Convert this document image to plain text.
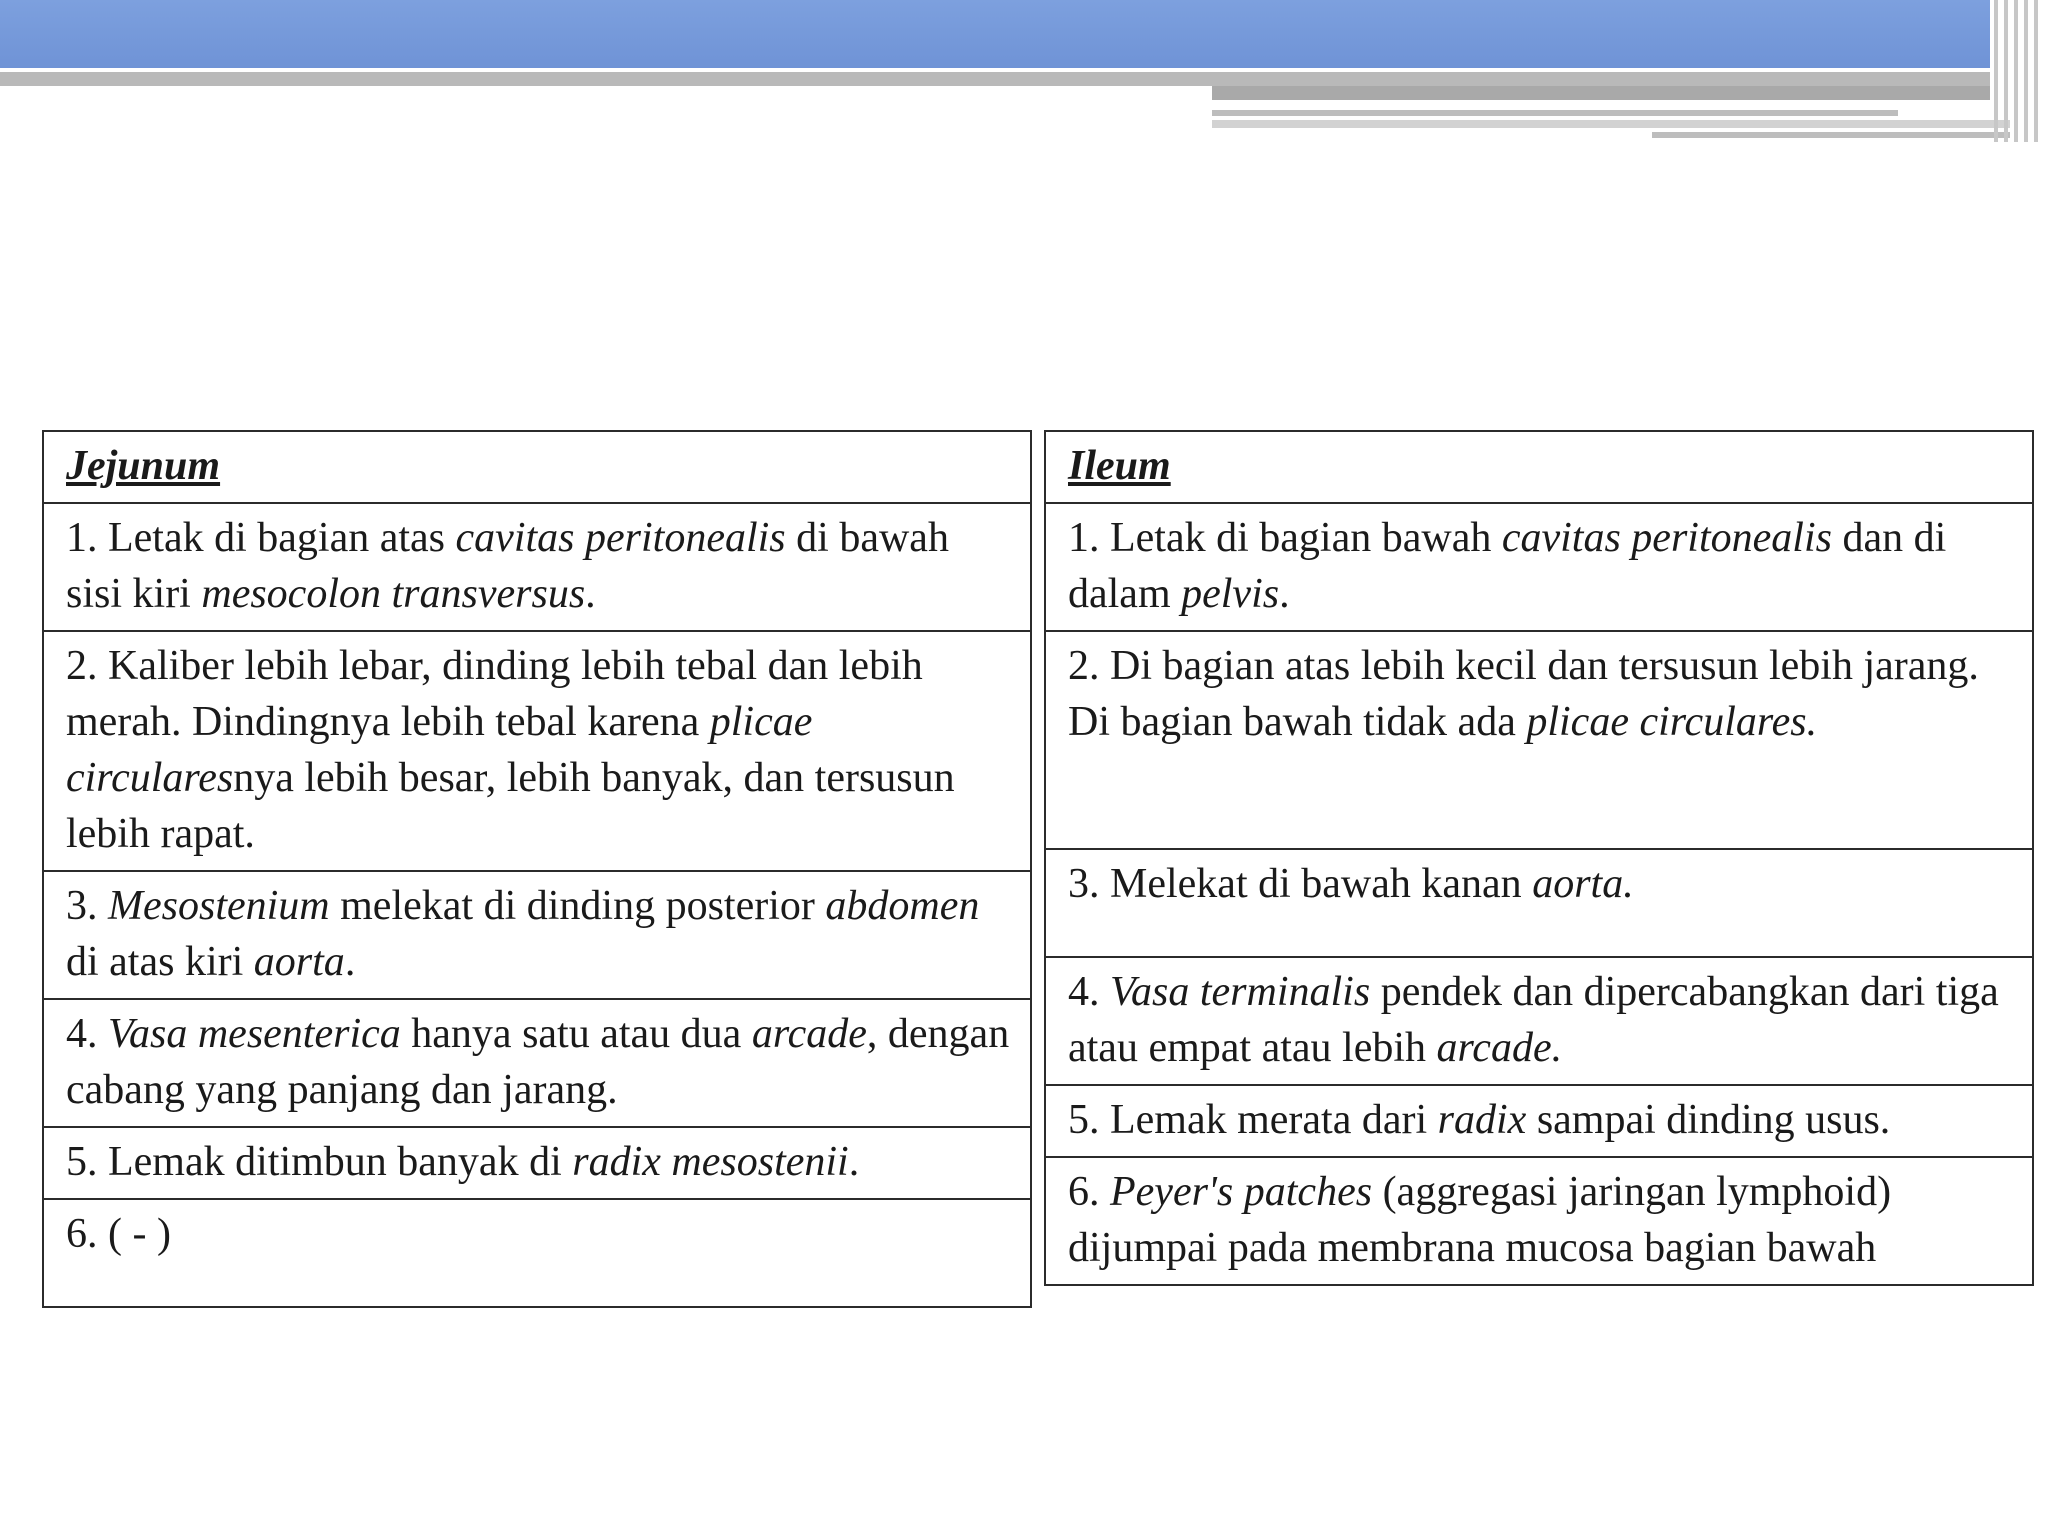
Jejunum
1. Letak di bagian atas cavitas peritonealis di bawah sisi kiri mesocolon transversus.
2. Kaliber lebih lebar, dinding lebih tebal dan lebih merah. Dindingnya lebih tebal karena plicae circularesnya lebih besar, lebih banyak, dan tersusun lebih rapat.
3. Mesostenium melekat di dinding posterior abdomen di atas kiri aorta.
4. Vasa mesenterica hanya satu atau dua arcade, dengan cabang yang panjang dan jarang.
5. Lemak ditimbun banyak di radix mesostenii.
6. ( - )
Ileum
1. Letak di bagian bawah cavitas peritonealis dan di dalam pelvis.
2. Di bagian atas lebih kecil dan tersusun lebih jarang. Di bagian bawah tidak ada plicae circulares.
3. Melekat di bawah kanan aorta.
4. Vasa terminalis pendek dan dipercabangkan dari tiga atau empat atau lebih arcade.
5. Lemak merata dari radix sampai dinding usus.
6. Peyer's patches (aggregasi jaringan lymphoid) dijumpai pada membrana mucosa bagian bawah
